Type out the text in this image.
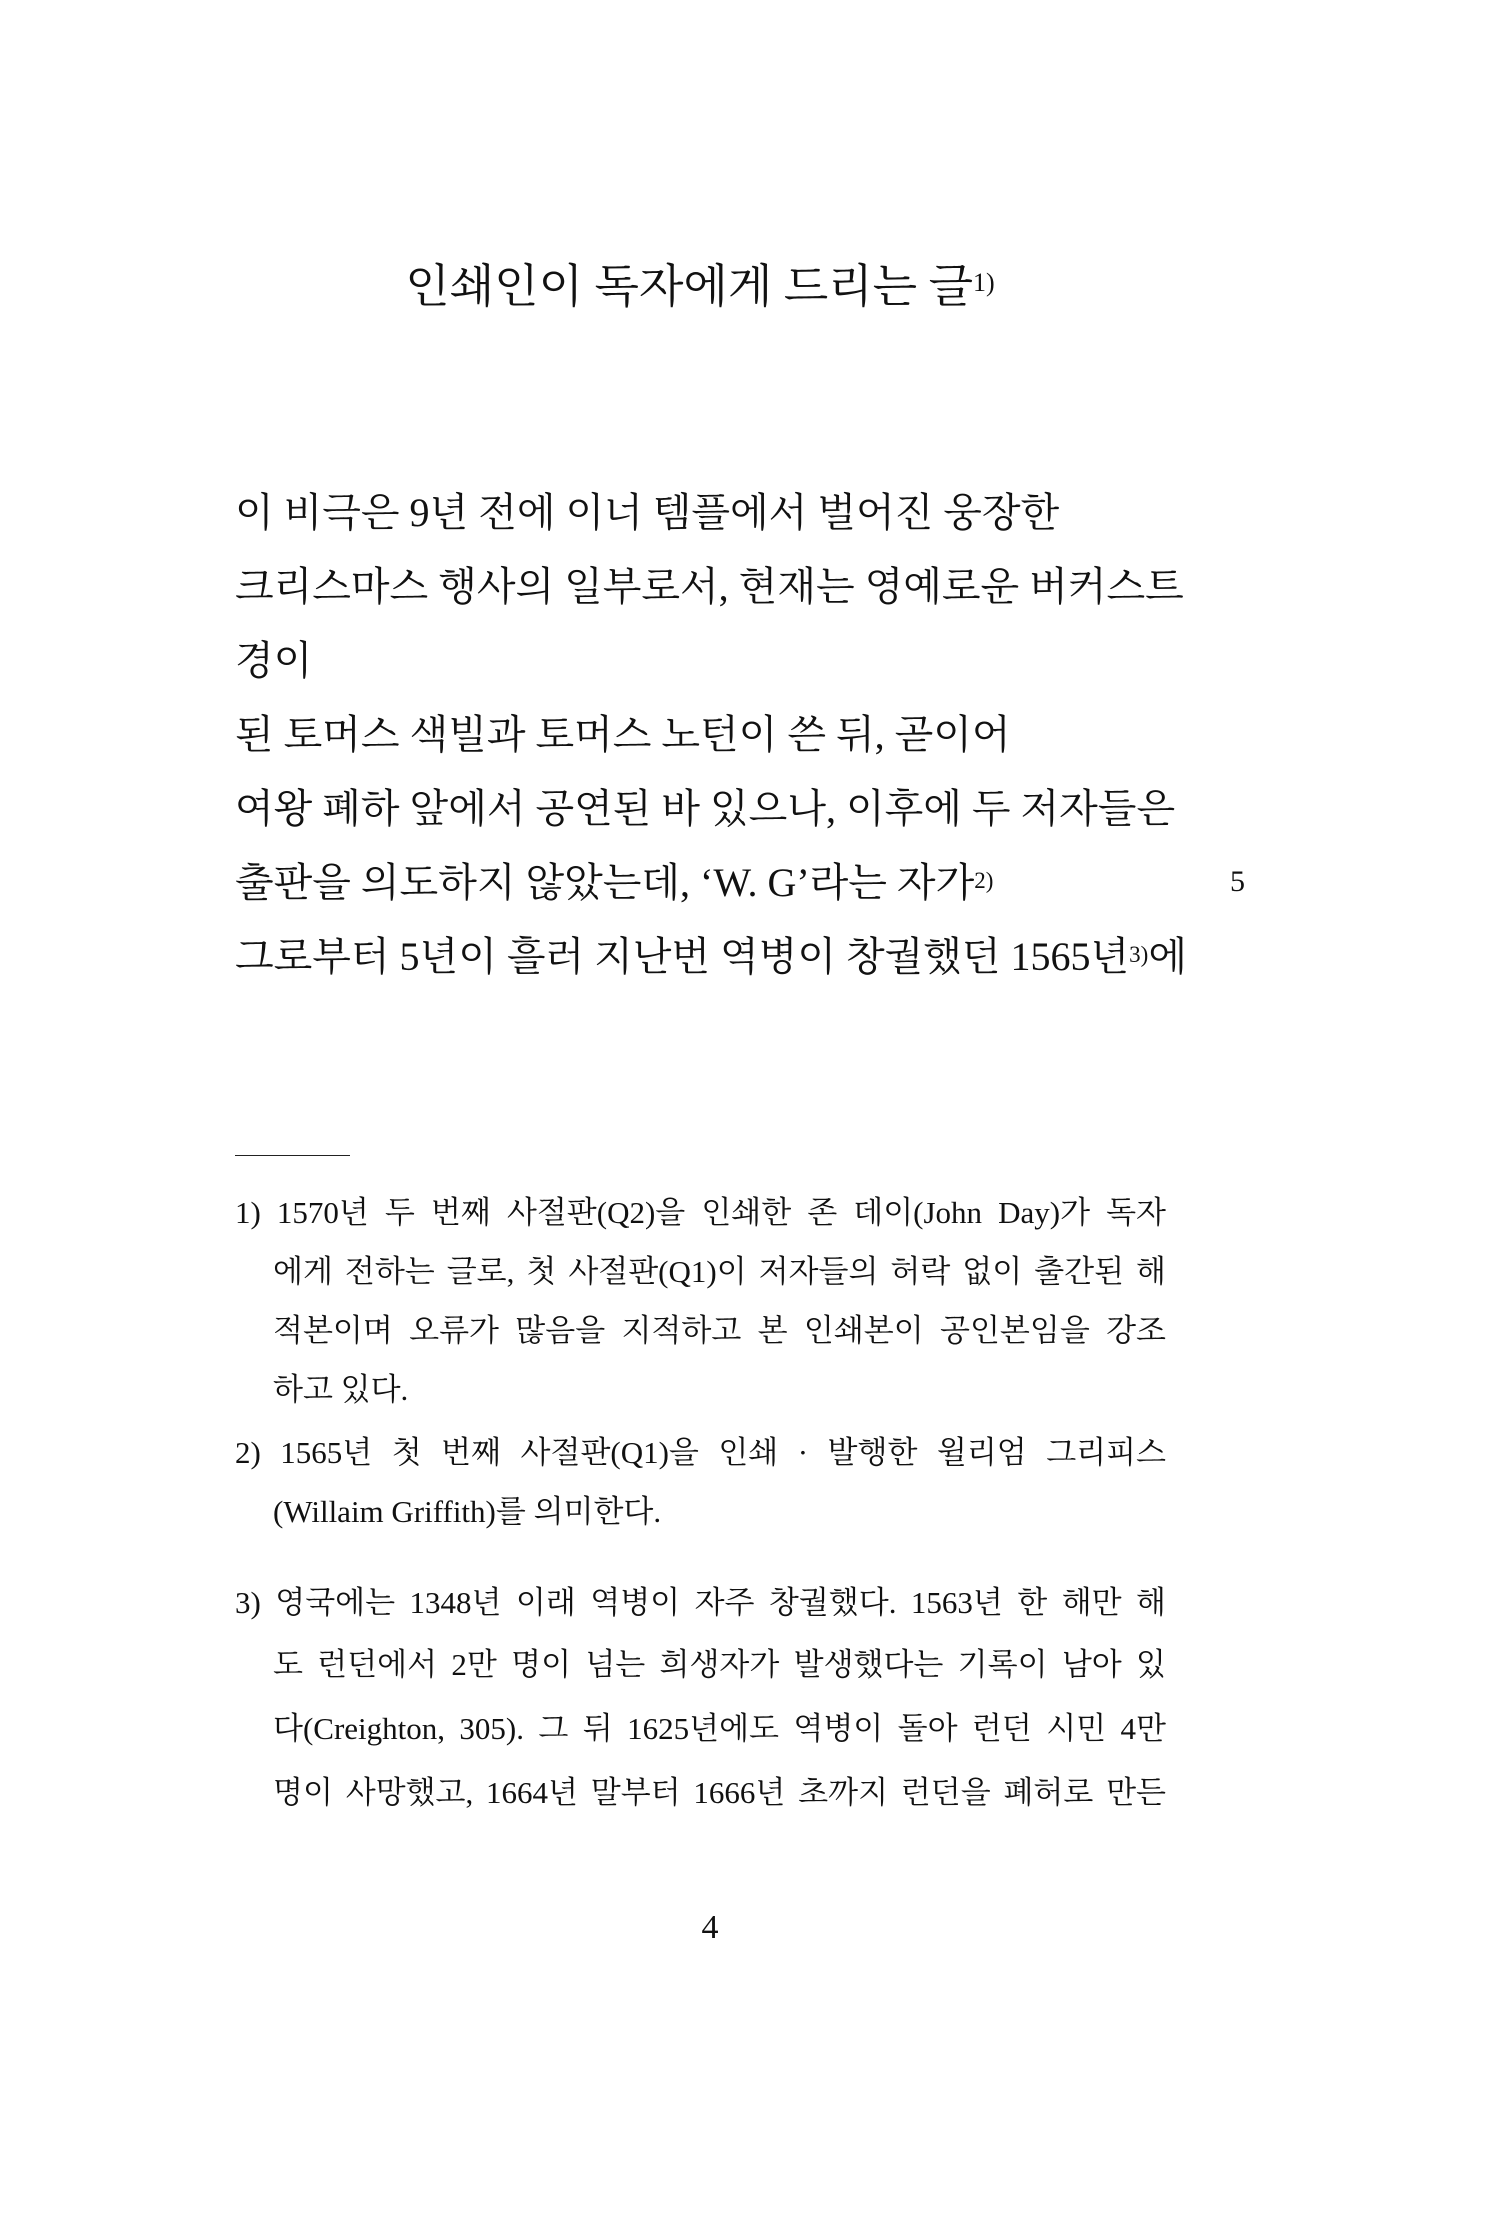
인쇄인이 독자에게 드리는 글$^{1)}$
이 비극은 9년 전에 이너 템플에서 벌어진 웅장한
크리스마스 행사의 일부로서, 현재는 영예로운 버커스트
경이
된 토머스 색빌과 토머스 노턴이 쓴 뒤, 곧이어
여왕 폐하 앞에서 공연된 바 있으나, 이후에 두 저자들은
출판을 의도하지 않았는데, ‘W. G’라는 자가$^{2)}$
그로부터 5년이 흘러 지난번 역병이 창궐했던 1565년$^{3)}$에
5
1) 1570년 두 번째 사절판(Q2)을 인쇄한 존 데이(John Day)가 독자
에게 전하는 글로, 첫 사절판(Q1)이 저자들의 허락 없이 출간된 해
적본이며 오류가 많음을 지적하고 본 인쇄본이 공인본임을 강조
하고 있다.
2) 1565년 첫 번째 사절판(Q1)을 인쇄 · 발행한 윌리엄 그리피스
(Willaim Griffith)를 의미한다.
3) 영국에는 1348년 이래 역병이 자주 창궐했다. 1563년 한 해만 해
도 런던에서 2만 명이 넘는 희생자가 발생했다는 기록이 남아 있
다(Creighton, 305). 그 뒤 1625년에도 역병이 돌아 런던 시민 4만
명이 사망했고, 1664년 말부터 1666년 초까지 런던을 폐허로 만든
4
